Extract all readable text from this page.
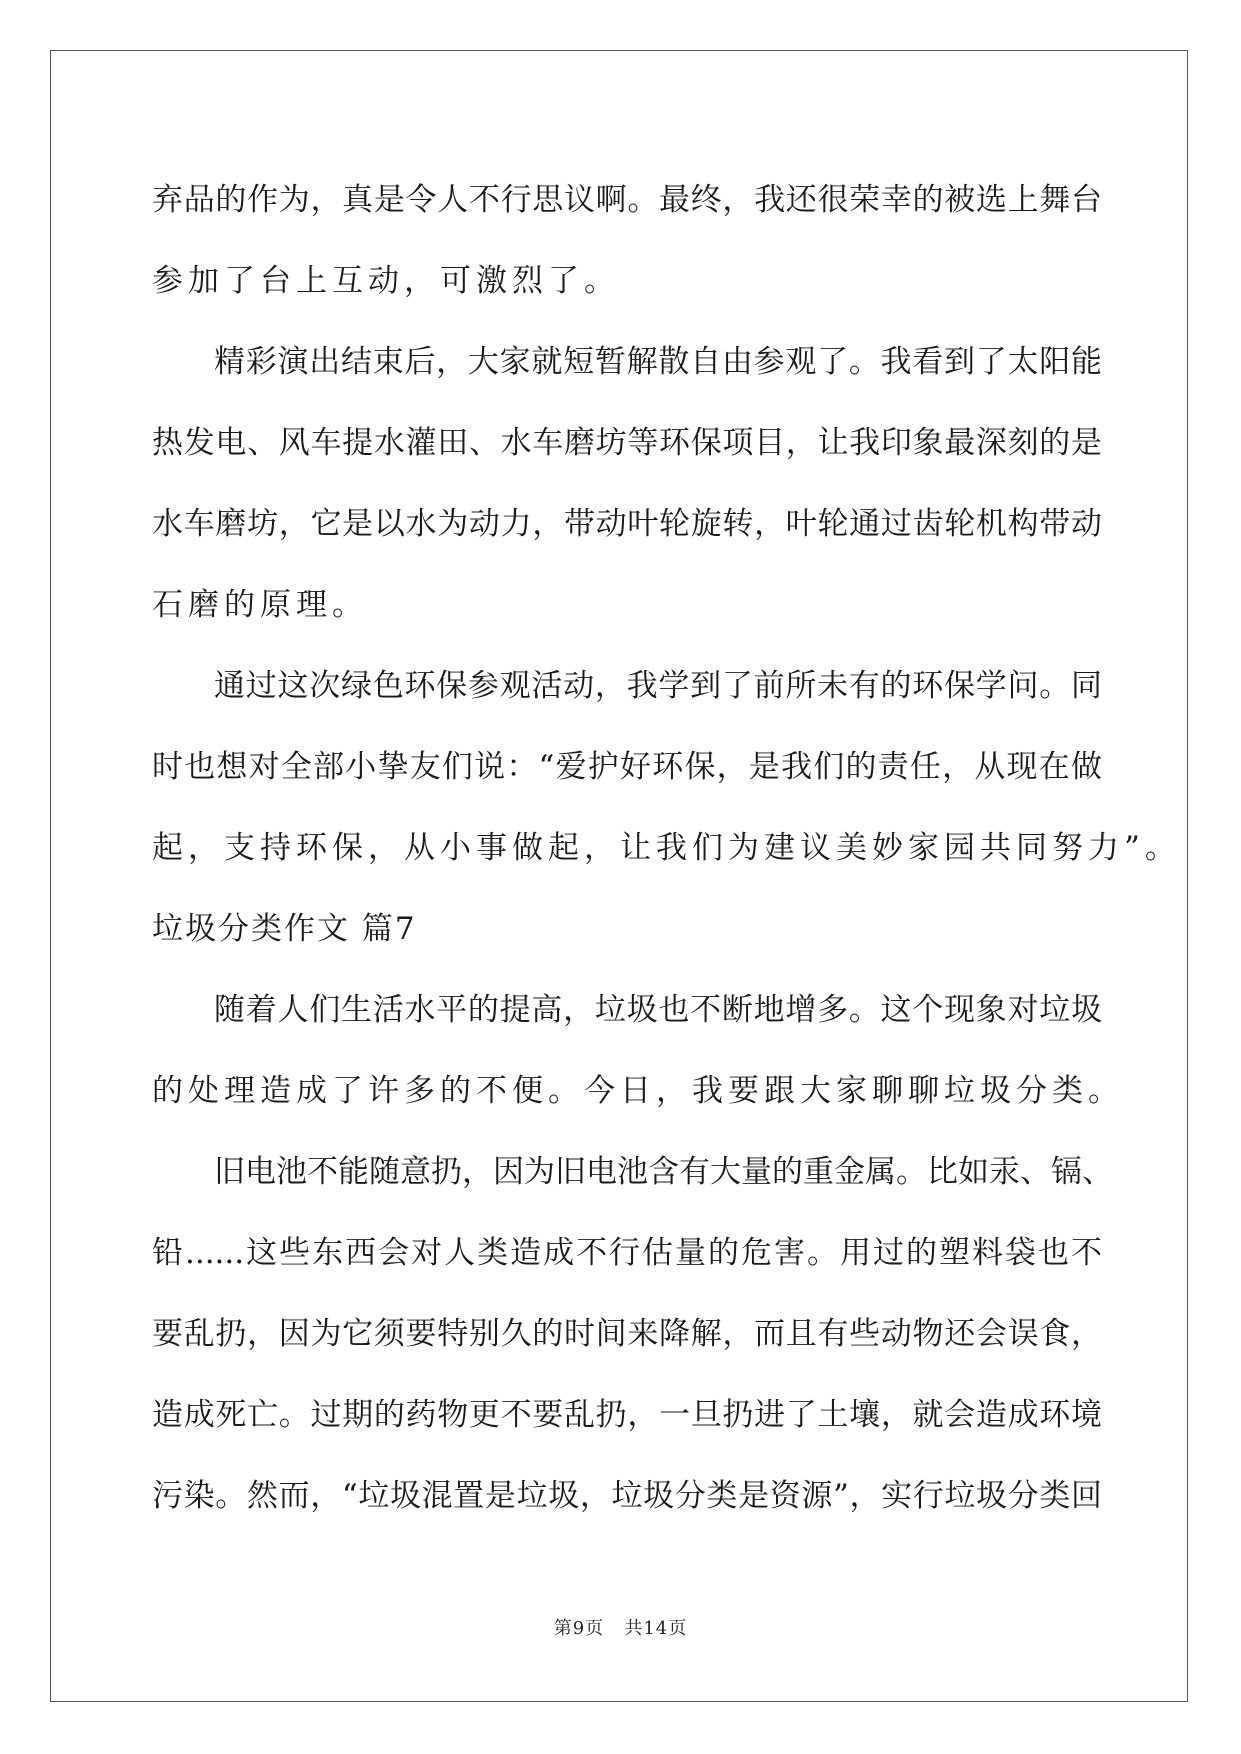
弃品的作为，真是令人不行思议啊。最终，我还很荣幸的被选上舞台
参加了台上互动，可激烈了。
精彩演出结束后，大家就短暂解散自由参观了。我看到了太阳能
热发电、风车提水灌田、水车磨坊等环保项目，让我印象最深刻的是
水车磨坊，它是以水为动力，带动叶轮旋转，叶轮通过齿轮机构带动
石磨的原理。
通过这次绿色环保参观活动，我学到了前所未有的环保学问。同
时也想对全部小挚友们说：“爱护好环保，是我们的责任，从现在做
起，支持环保，从小事做起，让我们为建议美妙家园共同努力”。
垃圾分类作文 篇7
随着人们生活水平的提高，垃圾也不断地增多。这个现象对垃圾
的处理造成了许多的不便。今日，我要跟大家聊聊垃圾分类。
旧电池不能随意扔，因为旧电池含有大量的重金属。比如汞、镉、
铅......这些东西会对人类造成不行估量的危害。用过的塑料袋也不
要乱扔，因为它须要特别久的时间来降解，而且有些动物还会误食，
造成死亡。过期的药物更不要乱扔，一旦扔进了土壤，就会造成环境
污染。然而，“垃圾混置是垃圾，垃圾分类是资源”，实行垃圾分类回
第9页 共14页
